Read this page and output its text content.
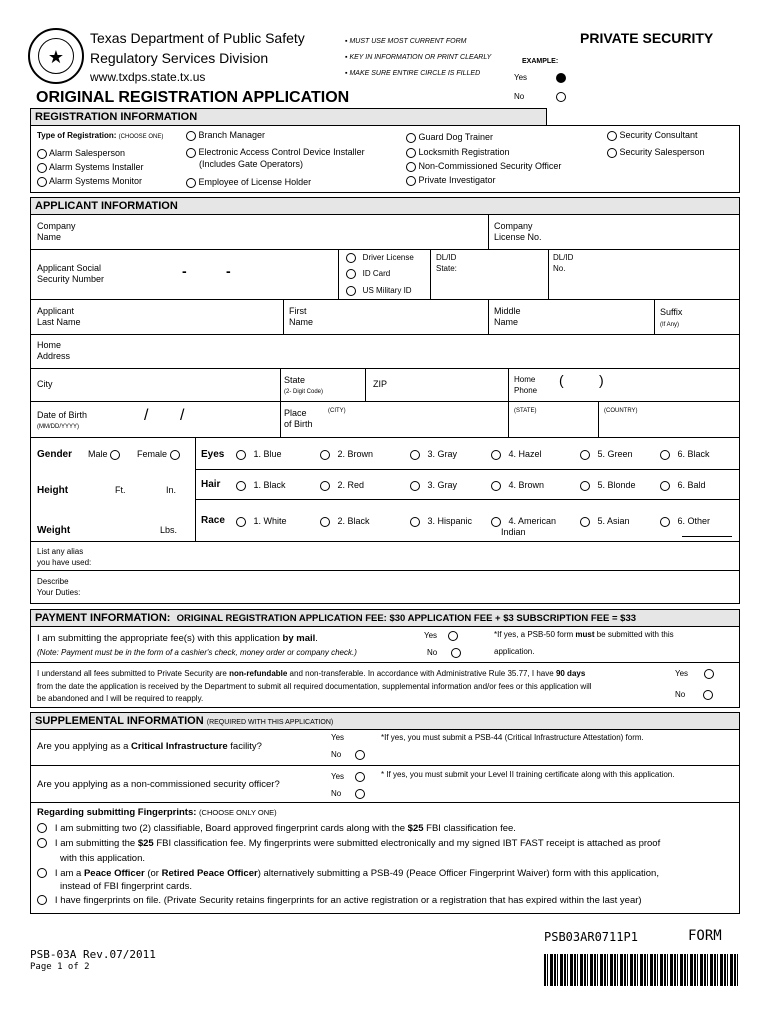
★
Texas Department of Public Safety
Regulatory Services Division
www.txdps.state.tx.us
ORIGINAL REGISTRATION APPLICATION
▪ MUST USE MOST CURRENT FORM
▪ KEY IN INFORMATION OR PRINT CLEARLY
▪ MAKE SURE ENTIRE CIRCLE IS FILLED
PRIVATE SECURITY
EXAMPLE:
Yes
No
REGISTRATION INFORMATION
Type of Registration: (CHOOSE ONE)
Alarm Salesperson
Alarm Systems Installer
Alarm Systems Monitor
Branch Manager
Electronic Access Control Device Installer
(Includes Gate Operators)
Employee of License Holder
Guard Dog Trainer
Locksmith Registration
Non-Commissioned Security Officer
Private Investigator
Security Consultant
Security Salesperson
APPLICANT INFORMATION
Company
Name
Company
License No.
Applicant Social
Security Number	-	-
Driver License
ID Card
US Military ID
DL/ID
State:
DL/ID
No.
Applicant
Last Name
First
Name
Middle
Name
Suffix
(If Any)
Home
Address
City	State
(2- Digit Code)
ZIP	Home
Phone
(	)
Date of Birth
(MM/DD/YYYY)
/ /	Place
of Birth
(CITY)	(STATE)	(COUNTRY)
Gender Male	Female
Height	Ft.	In.
Weight	Lbs.
Eyes	1. Blue	2. Brown	3. Gray	4. Hazel	5. Green	6. Black
Hair	1. Black	2. Red	3. Gray	4. Brown	5. Blonde	6. Bald
Race	1. White	2. Black	3. Hispanic	4. American
Indian
5. Asian	6. Other
List any alias
you have used:
Describe
Your Duties:
PAYMENT INFORMATION: ORIGINAL REGISTRATION APPLICATION FEE: $30 APPLICATION FEE + $3 SUBSCRIPTION FEE = $33
I am submitting the appropriate fee(s) with this application by mail.
(Note: Payment must be in the form of a cashier's check, money order or company check.)
Yes
No
*If yes, a PSB-50 form must be submitted with this
application.
I understand all fees submitted to Private Security are non-refundable and non-transferable. In accordance with Administrative Rule 35.77, I have 90 days
from the date the application is received by the Department to submit all required documentation, supplemental information and/or fees or this application will
be abandoned and I will be required to reapply.
Yes
No
SUPPLEMENTAL INFORMATION (REQUIRED WITH THIS APPLICATION)
Are you applying as a Critical Infrastructure facility?
Yes
No
*If yes, you must submit a PSB-44 (Critical Infrastructure Attestation) form.
Are you applying as a non-commissioned security officer?
Yes
No
* If yes, you must submit your Level II training certificate along with this application.
Regarding submitting Fingerprints: (CHOOSE ONLY ONE)
I am submitting two (2) classifiable, Board approved fingerprint cards along with the $25 FBI classification fee.
I am submitting the $25 FBI classification fee. My fingerprints were submitted electronically and my signed IBT FAST receipt is attached as proof
with this application.
I am a Peace Officer (or Retired Peace Officer) alternatively submitting a PSB-49 (Peace Officer Fingerprint Waiver) form with this application,
instead of FBI fingerprint cards.
I have fingerprints on file. (Private Security retains fingerprints for an active registration or a registration that has expired within the last year)
PSB-03A Rev.07/2011
Page 1 of 2
PSB03AR0711P1	FORM
